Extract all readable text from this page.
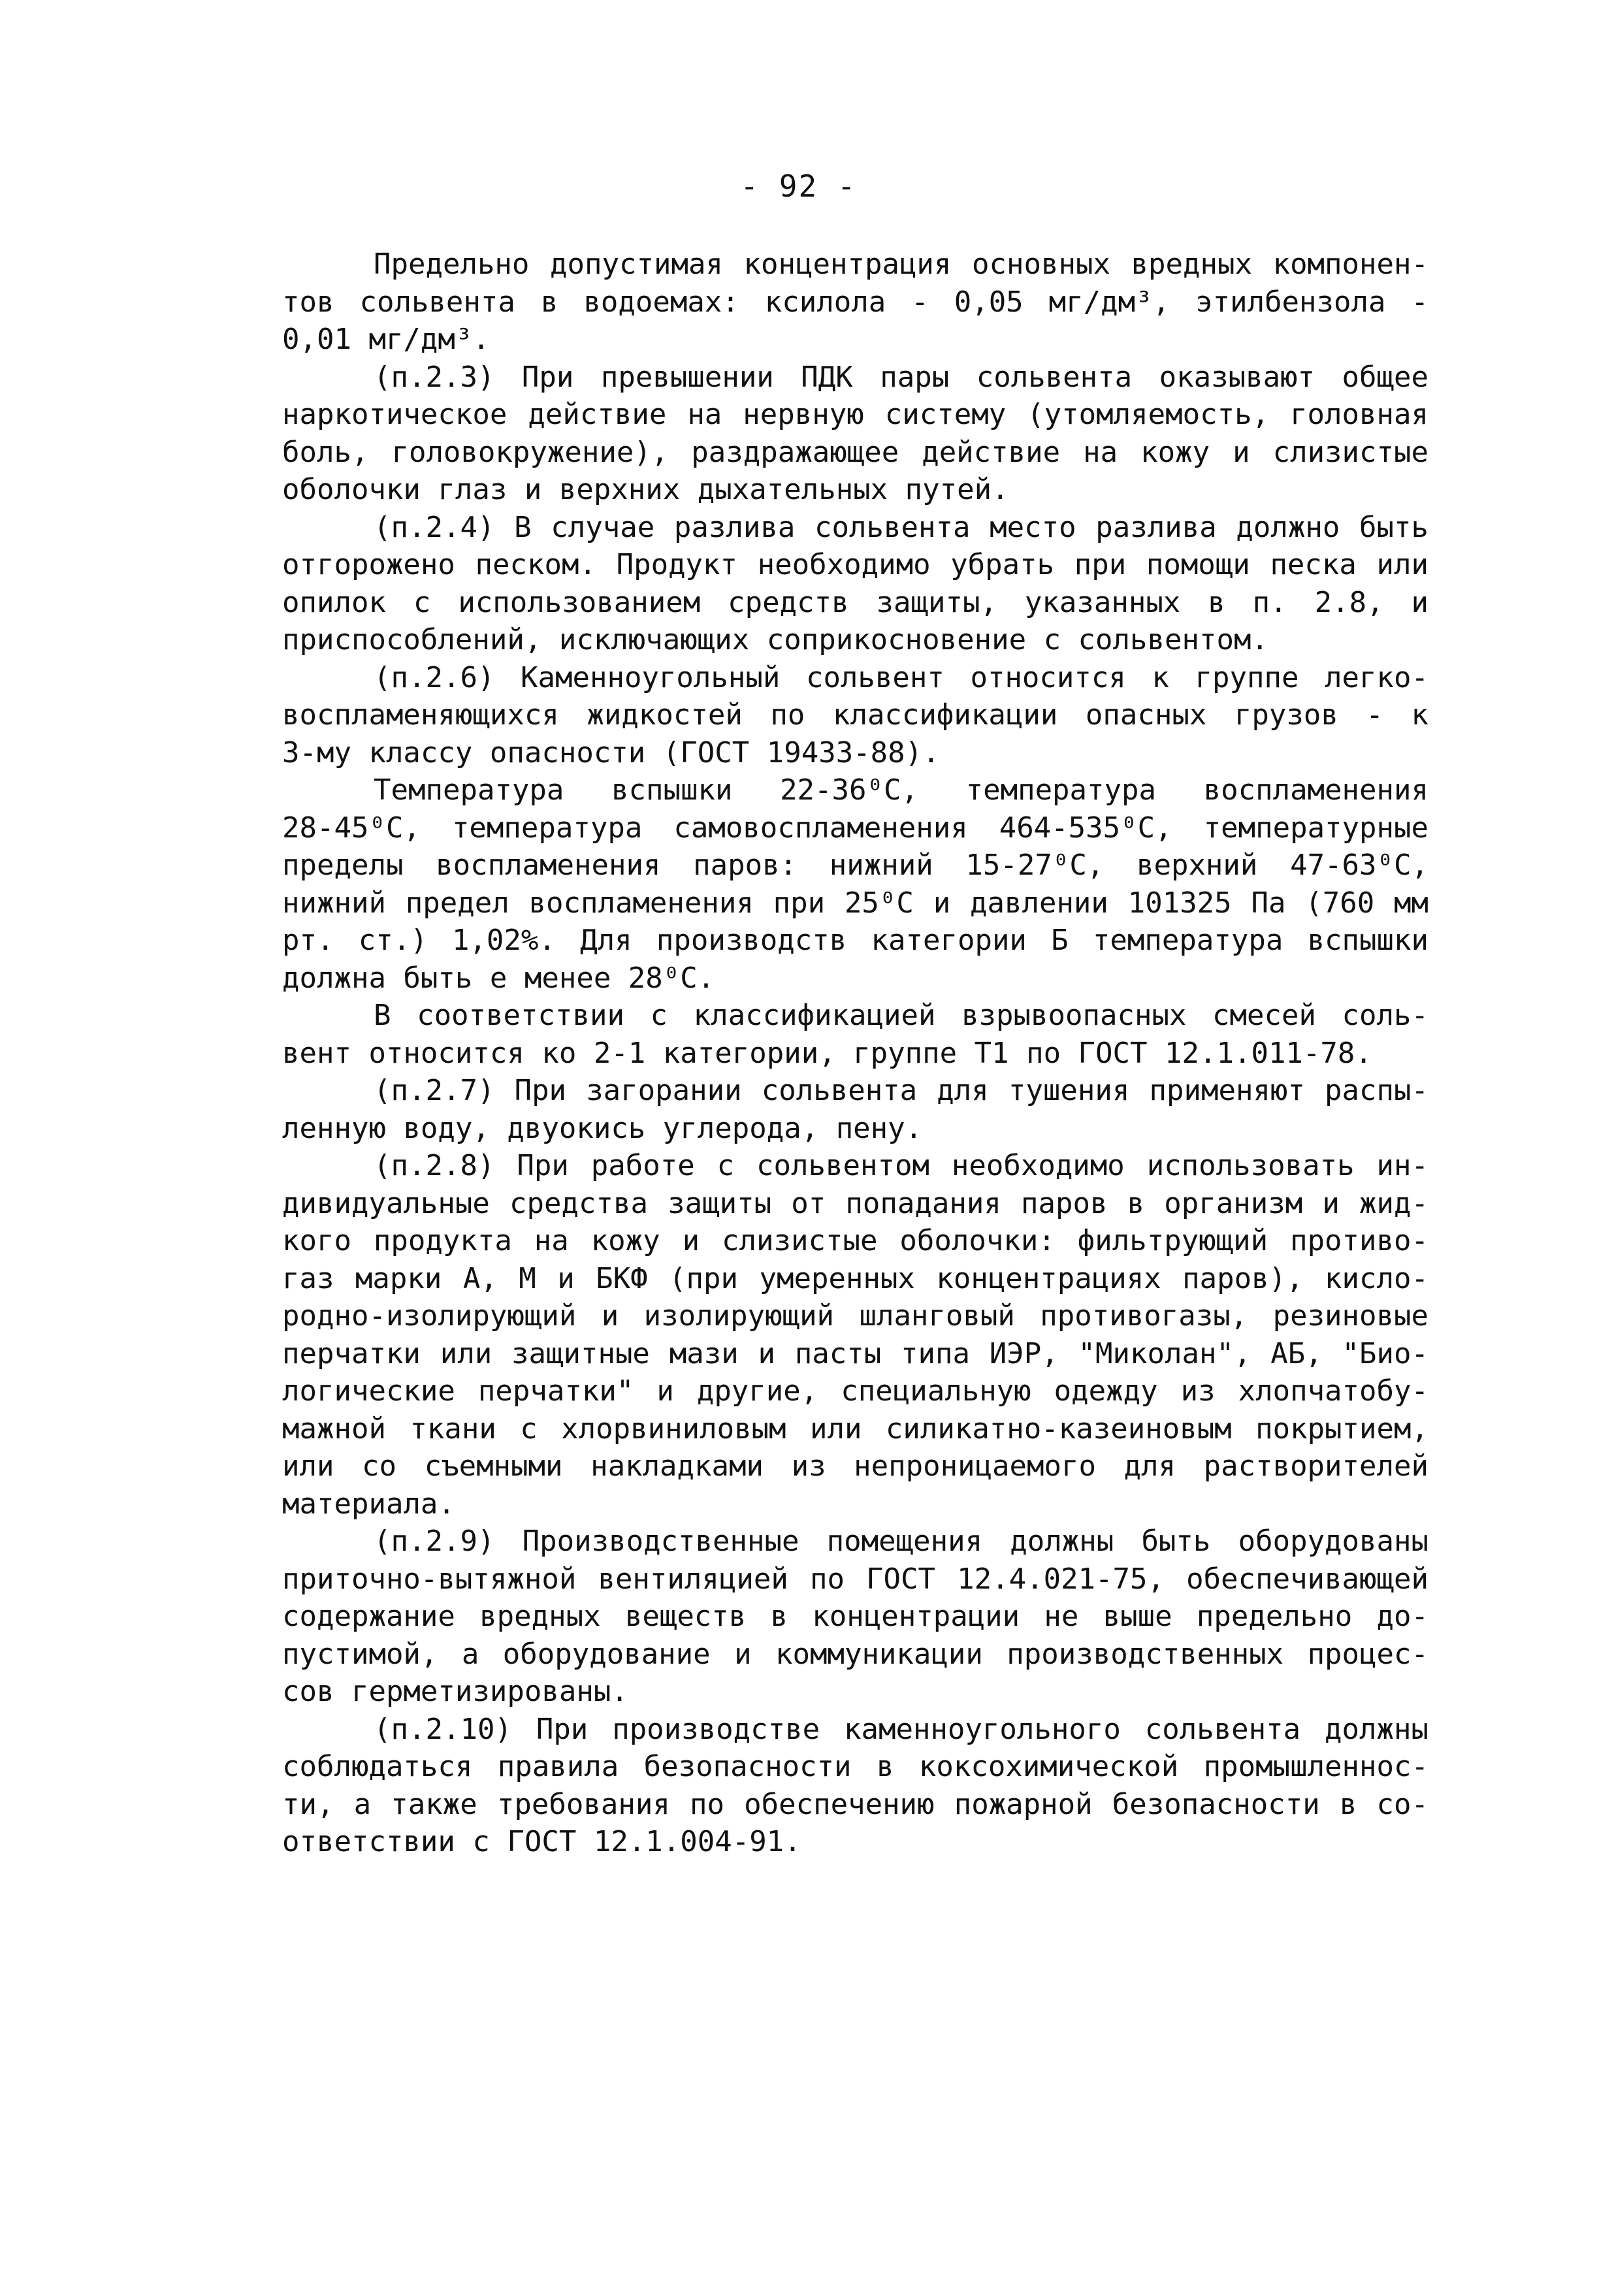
- 92 -
Предельно допустимая концентрация основных вредных компонен-
тов сольвента в водоемах: ксилола - 0,05 мг/дм³, этилбензола -
0,01 мг/дм³.
(п.2.3) При превышении ПДК пары сольвента оказывают общее
наркотическое действие на нервную систему (утомляемость, головная
боль, головокружение), раздражающее действие на кожу и слизистые
оболочки глаз и верхних дыхательных путей.
(п.2.4) В случае разлива сольвента место разлива должно быть
отгорожено песком. Продукт необходимо убрать при помощи песка или
опилок с использованием средств защиты, указанных в п. 2.8, и
приспособлений, исключающих соприкосновение с сольвентом.
(п.2.6) Каменноугольный сольвент относится к группе легко-
воспламеняющихся жидкостей по классификации опасных грузов - к
3-му классу опасности (ГОСТ 19433-88).
Температура вспышки 22-36⁰С, температура воспламенения
28-45⁰С, температура самовоспламенения 464-535⁰С, температурные
пределы воспламенения паров: нижний 15-27⁰С, верхний 47-63⁰С,
нижний предел воспламенения при 25⁰С и давлении 101325 Па (760 мм
рт. ст.) 1,02%. Для производств категории Б температура вспышки
должна быть е менее 28⁰С.
В соответствии с классификацией взрывоопасных смесей соль-
вент относится ко 2-1 категории, группе Т1 по ГОСТ 12.1.011-78.
(п.2.7) При загорании сольвента для тушения применяют распы-
ленную воду, двуокись углерода, пену.
(п.2.8) При работе с сольвентом необходимо использовать ин-
дивидуальные средства защиты от попадания паров в организм и жид-
кого продукта на кожу и слизистые оболочки: фильтрующий противо-
газ марки А, М и БКФ (при умеренных концентрациях паров), кисло-
родно-изолирующий и изолирующий шланговый противогазы, резиновые
перчатки или защитные мази и пасты типа ИЭР, "Миколан", АБ, "Био-
логические перчатки" и другие, специальную одежду из хлопчатобу-
мажной ткани с хлорвиниловым или силикатно-казеиновым покрытием,
или со съемными накладками из непроницаемого для растворителей
материала.
(п.2.9) Производственные помещения должны быть оборудованы
приточно-вытяжной вентиляцией по ГОСТ 12.4.021-75, обеспечивающей
содержание вредных веществ в концентрации не выше предельно до-
пустимой, а оборудование и коммуникации производственных процес-
сов герметизированы.
(п.2.10) При производстве каменноугольного сольвента должны
соблюдаться правила безопасности в коксохимической промышленнос-
ти, а также требования по обеспечению пожарной безопасности в со-
ответствии с ГОСТ 12.1.004-91.
